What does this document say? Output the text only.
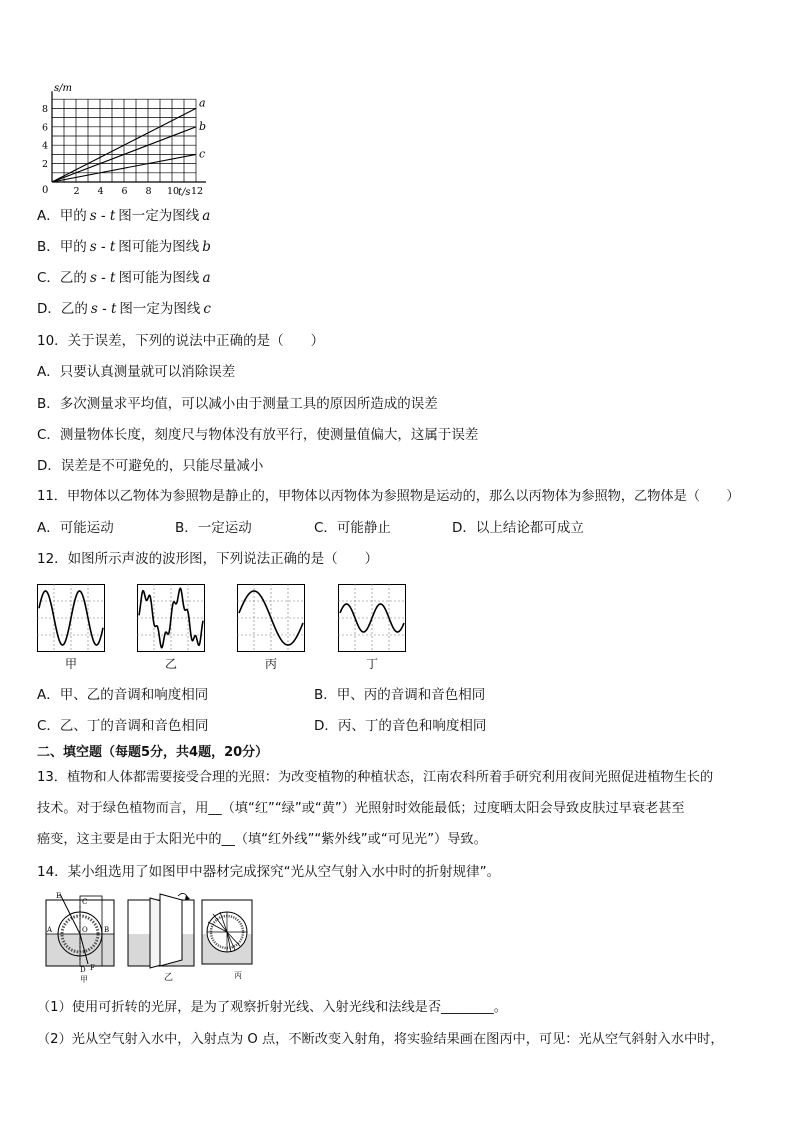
s/m
t/s
0
8
6
4
2
2 4 6 8 10 12
a
b
c
A．甲的 s - t 图一定为图线 a
B．甲的 s - t 图可能为图线 b
C．乙的 s - t 图可能为图线 a
D．乙的 s - t 图一定为图线 c
10．关于误差，下列的说法中正确的是（　　）
A．只要认真测量就可以消除误差
B．多次测量求平均值，可以减小由于测量工具的原因所造成的误差
C．测量物体长度，刻度尺与物体没有放平行，使测量值偏大，这属于误差
D．误差是不可避免的，只能尽量减小
11．甲物体以乙物体为参照物是静止的，甲物体以丙物体为参照物是运动的，那么以丙物体为参照物，乙物体是（　　）
A．可能运动	B．一定运动	C．可能静止	D．以上结论都可成立
12．如图所示声波的波形图，下列说法正确的是（　　）
甲	乙	丙	丁
A．甲、乙的音调和响度相同	B．甲、丙的音调和音色相同
C．乙、丁的音调和音色相同	D．丙、丁的音色和响度相同
二、填空题（每题5分，共4题，20分）
13．植物和人体都需要接受合理的光照：为改变植物的种植状态，江南农科所着手研究利用夜间光照促进植物生长的
技术。对于绿色植物而言，用__（填“红”“绿”或“黄”）光照射时效能最低；过度晒太阳会导致皮肤过早衰老甚至
癌变，这主要是由于太阳光中的__（填“红外线”“紫外线”或“可见光”）导致。
14．某小组选用了如图甲中器材完成探究“光从空气射入水中时的折射规律”。
E
C
A	O B
D F
甲	乙	丙
（1）使用可折转的光屏，是为了观察折射光线、入射光线和法线是否________。
（2）光从空气射入水中，入射点为 O 点，不断改变入射角，将实验结果画在图丙中，可见：光从空气斜射入水中时，
